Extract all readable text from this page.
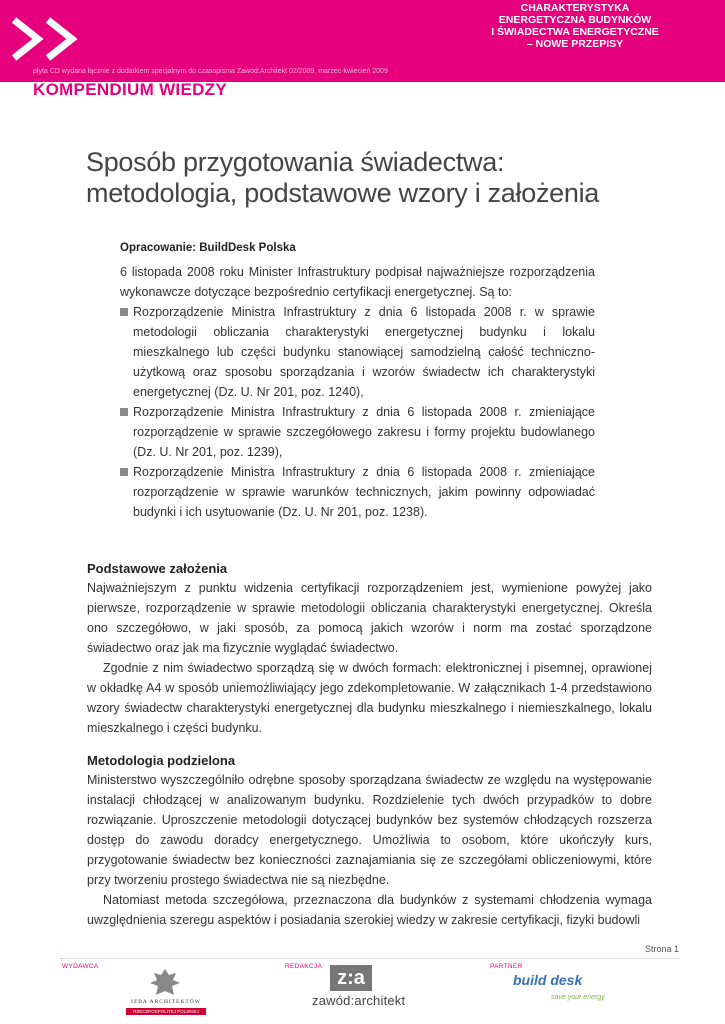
płyta CD wydana łącznie z dodatkiem specjalnym do czasopisma Zawód:Architekt 02/2009, marzec-kwiecień 2009
CHARAKTERYSTYKA
ENERGETYCZNA BUDYNKÓW
I ŚWIADECTWA ENERGETYCZNE
– NOWE PRZEPISY
KOMPENDIUM WIEDZY
Sposób przygotowania świadectwa:
metodologia, podstawowe wzory i założenia
Opracowanie: BuildDesk Polska

6 listopada 2008 roku Minister Infrastruktury podpisał najważniejsze rozporządzenia wykonawcze dotyczące bezpośrednio certyfikacji energetycznej. Są to:

Rozporządzenie Ministra Infrastruktury z dnia 6 listopada 2008 r. w sprawie metodologii obliczania charakterystyki energetycznej budynku i lokalu mieszkalnego lub części budynku stanowiącej samodzielną całość techniczno-użytkową oraz sposobu sporządzania i wzorów świadectw ich charakterystyki energetycznej (Dz. U. Nr 201, poz. 1240),

Rozporządzenie Ministra Infrastruktury z dnia 6 listopada 2008 r. zmieniające rozporządzenie w sprawie szczegółowego zakresu i formy projektu budowlanego (Dz. U. Nr 201, poz. 1239),

Rozporządzenie Ministra Infrastruktury z dnia 6 listopada 2008 r. zmieniające rozporządzenie w sprawie warunków technicznych, jakim powinny odpowiadać budynki i ich usytuowanie (Dz. U. Nr 201, poz. 1238).

Podstawowe założenia

Najważniejszym z punktu widzenia certyfikacji rozporządzeniem jest, wymienione powyżej jako pierwsze, rozporządzenie w sprawie metodologii obliczania charakterystyki energetycznej. Określa ono szczegółowo, w jaki sposób, za pomocą jakich wzorów i norm ma zostać sporządzone świadectwo oraz jak ma fizycznie wyglądać świadectwo.

Zgodnie z nim świadectwo sporządzą się w dwóch formach: elektronicznej i pisemnej, oprawionej w okładkę A4 w sposób uniemożliwiający jego zdekompletowanie. W załącznikach 1-4 przedstawiono wzory świadectw charakterystyki energetycznej dla budynku mieszkalnego i niemieszkalnego, lokalu mieszkalnego i części budynku.

Metodologia podzielona

Ministerstwo wyszczególniło odrębne sposoby sporządzana świadectw ze względu na występowanie instalacji chłodzącej w analizowanym budynku. Rozdzielenie tych dwóch przypadków to dobre rozwiązanie. Uproszczenie metodologii dotyczącej budynków bez systemów chłodzących rozszerza dostęp do zawodu doradcy energetycznego. Umożliwia to osobom, które ukończyły kurs, przygotowanie świadectw bez konieczności zaznajamiania się ze szczegółami obliczeniowymi, które przy tworzeniu prostego świadectwa nie są niezbędne.

Natomiast metoda szczegółowa, przeznaczona dla budynków z systemami chłodzenia wymaga uwzględnienia szeregu aspektów i posiadania szerokiej wiedzy w zakresie certyfikacji, fizyki budowli

Strona 1
WYDAWCA
IZBA ARCHITEKTÓW
RZECZPOSPOLITEJ POLSKIEJ
REDAKCJA
z:a
zawód:architekt
PARTNER
build desk
save your energy
